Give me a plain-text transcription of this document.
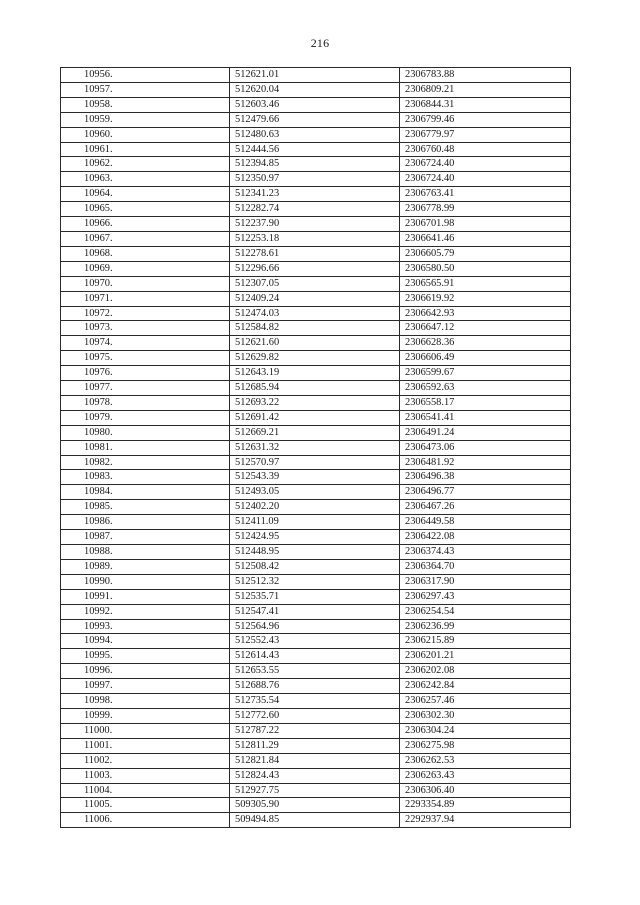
216
10956.	512621.01	2306783.88
10957.	512620.04	2306809.21
10958.	512603.46	2306844.31
10959.	512479.66	2306799.46
10960.	512480.63	2306779.97
10961.	512444.56	2306760.48
10962.	512394.85	2306724.40
10963.	512350.97	2306724.40
10964.	512341.23	2306763.41
10965.	512282.74	2306778.99
10966.	512237.90	2306701.98
10967.	512253.18	2306641.46
10968.	512278.61	2306605.79
10969.	512296.66	2306580.50
10970.	512307.05	2306565.91
10971.	512409.24	2306619.92
10972.	512474.03	2306642.93
10973.	512584.82	2306647.12
10974.	512621.60	2306628.36
10975.	512629.82	2306606.49
10976.	512643.19	2306599.67
10977.	512685.94	2306592.63
10978.	512693.22	2306558.17
10979.	512691.42	2306541.41
10980.	512669.21	2306491.24
10981.	512631.32	2306473.06
10982.	512570.97	2306481.92
10983.	512543.39	2306496.38
10984.	512493.05	2306496.77
10985.	512402.20	2306467.26
10986.	512411.09	2306449.58
10987.	512424.95	2306422.08
10988.	512448.95	2306374.43
10989.	512508.42	2306364.70
10990.	512512.32	2306317.90
10991.	512535.71	2306297.43
10992.	512547.41	2306254.54
10993.	512564.96	2306236.99
10994.	512552.43	2306215.89
10995.	512614.43	2306201.21
10996.	512653.55	2306202.08
10997.	512688.76	2306242.84
10998.	512735.54	2306257.46
10999.	512772.60	2306302.30
11000.	512787.22	2306304.24
11001.	512811.29	2306275.98
11002.	512821.84	2306262.53
11003.	512824.43	2306263.43
11004.	512927.75	2306306.40
11005.	509305.90	2293354.89
11006.	509494.85	2292937.94
